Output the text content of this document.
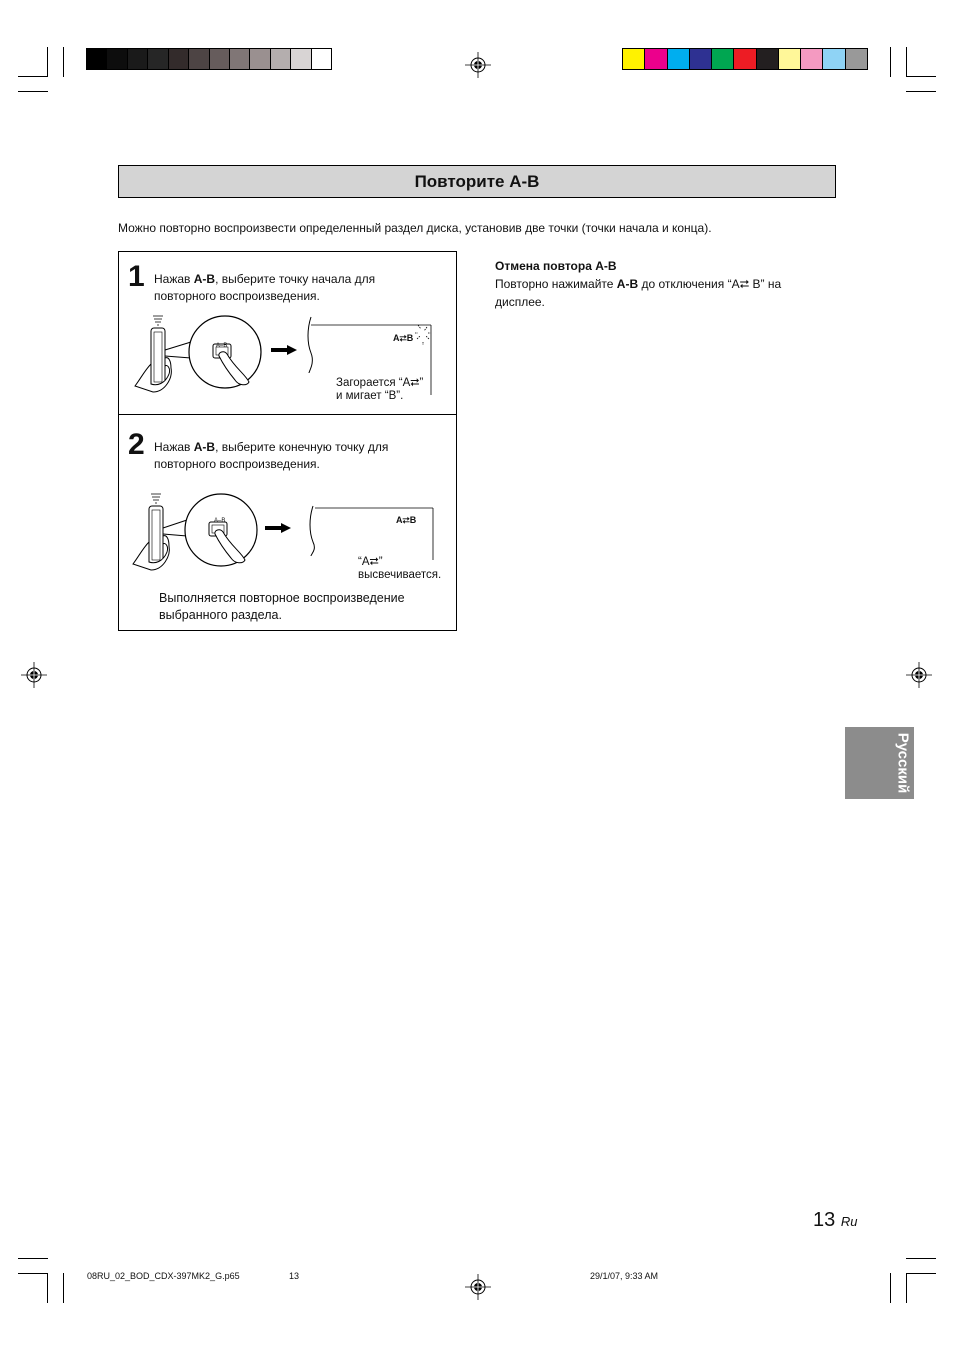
Повторите А-В
Можно повторно воспроизвести определенный раздел диска, установив две точки (точки начала и конца).
1 Нажав А-В, выберите точку начала для
повторного воспроизведения.
A–B
A⮂B
Загорается “A⮂”
и мигает “B”.
2 Нажав А-В, выберите конечную точку для
повторного воспроизведения.
A–B	A⮂B
“A⮂”
высвечивается.
Выполняется повторное воспроизведение
выбранного раздела.
Отмена повтора А-В
Повторно нажимайте А-В до отключения “A⮂ B” на
дисплее.
Русский
13 Ru
08RU_02_BOD_CDX-397MK2_G.p65	13	29/1/07, 9:33 AM
